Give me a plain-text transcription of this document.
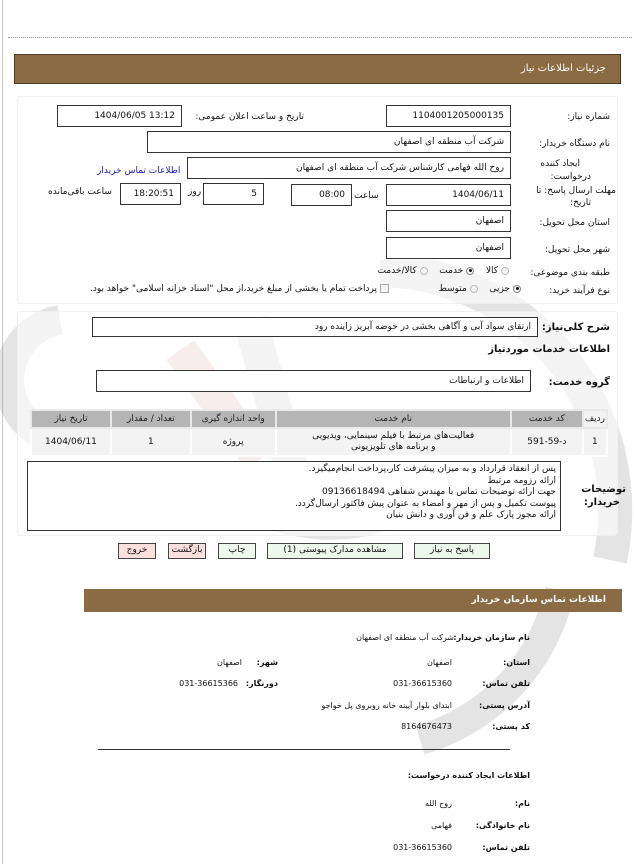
جزئیات اطلاعات نیاز
شماره نیاز:
1104001205000135
تاریخ و ساعت اعلان عمومی:
1404/06/05 13:12
نام دستگاه خریدار:
شرکت آب منطقه ای اصفهان
ایجاد کننده
درخواست:
روح الله فهامی کارشناس شرکت آب منطقه ای اصفهان
اطلاعات تماس خریدار
مهلت ارسال پاسخ: تا
تاریخ:
1404/06/11
ساعت
08:00
5
روز
18:20:51
ساعت باقی‌مانده
استان محل تحویل:
اصفهان
شهر محل تحویل:
اصفهان
طبقه بندی موضوعی:
کالا   خدمت   کالا/خدمت
نوع فرآیند خرید:
جزیی   متوسط
پرداخت تمام یا بخشی از مبلغ خرید،از محل "اسناد خزانه اسلامی" خواهد بود.
شرح کلی‌نیاز:
ارتقای سواد آبی و آگاهی بخشی در حوضه آبریز زاینده رود
اطلاعات خدمات موردنیاز
گروه خدمت:
اطلاعات و ارتباطات
ردیف	کد خدمت	نام خدمت	واحد اندازه گیری	تعداد / مقدار	تاریخ نیاز
1	د-59-591	فعالیت‌های مرتبط با فیلم سینمایی، ویدیویی
و برنامه های تلویزیونی	پروژه	1	1404/06/11
توضیحات
خریدار:
پس از انعقاد قرارداد و به میزان پیشرفت کار،پرداخت انجام‌میگیرد.
ارائه رزومه مرتبط
جهت ارائه توضیحات تماس با مهندس شفاهی 09136618494
پیوست تکمیل و پس از مهر و امضاء به عنوان پیش فاکتور ارسال‌گردد.
ارائه مجوز پارک علم و فن آوری و دانش بنیان
پاسخ به نیاز
مشاهده مدارک پیوستی (1)
چاپ
بازگشت
خروج
اطلاعات تماس سازمان خریدار
نام سازمان خریدار:
شرکت آب منطقه ای اصفهان
استان:
اصفهان
شهر:
اصفهان
تلفن تماس:
031-36615360
دورنگار:
031-36615366
آدرس پستی:
ابتدای بلوار آیینه خانه روبروی پل خواجو
کد پستی:
8164676473
اطلاعات ایجاد کننده درخواست:
نام:
روح الله
نام خانوادگی:
فهامی
تلفن تماس:
031-36615360
